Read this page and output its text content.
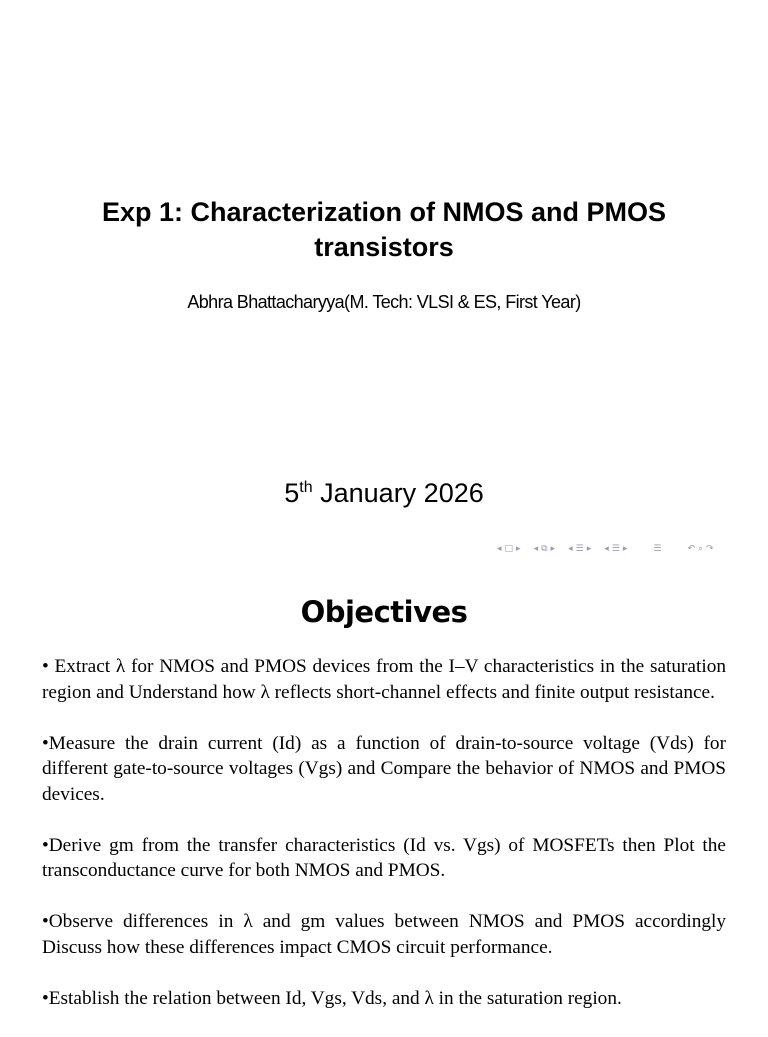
Exp 1: Characterization of NMOS and PMOS transistors
Abhra Bhattacharyya(M. Tech: VLSI & ES, First Year)
5th January 2026
◂ □ ▸ ◂ ⧉ ▸ ◂ ☰ ▸ ◂ ☰ ▸	☰	↶ ⌕ ↷
Objectives

• Extract λ for NMOS and PMOS devices from the I–V characteristics in the saturation region and Understand how λ reflects short-channel effects and finite output resistance.

•Measure the drain current (Id) as a function of drain-to-source voltage (Vds) for different gate-to-source voltages (Vgs) and Compare the behavior of NMOS and PMOS devices.

•Derive gm from the transfer characteristics (Id vs. Vgs) of MOSFETs then Plot the transconductance curve for both NMOS and PMOS.

•Observe differences in λ and gm values between NMOS and PMOS accordingly Discuss how these differences impact CMOS circuit performance.

•Establish the relation between Id, Vgs, Vds, and λ in the saturation region.
